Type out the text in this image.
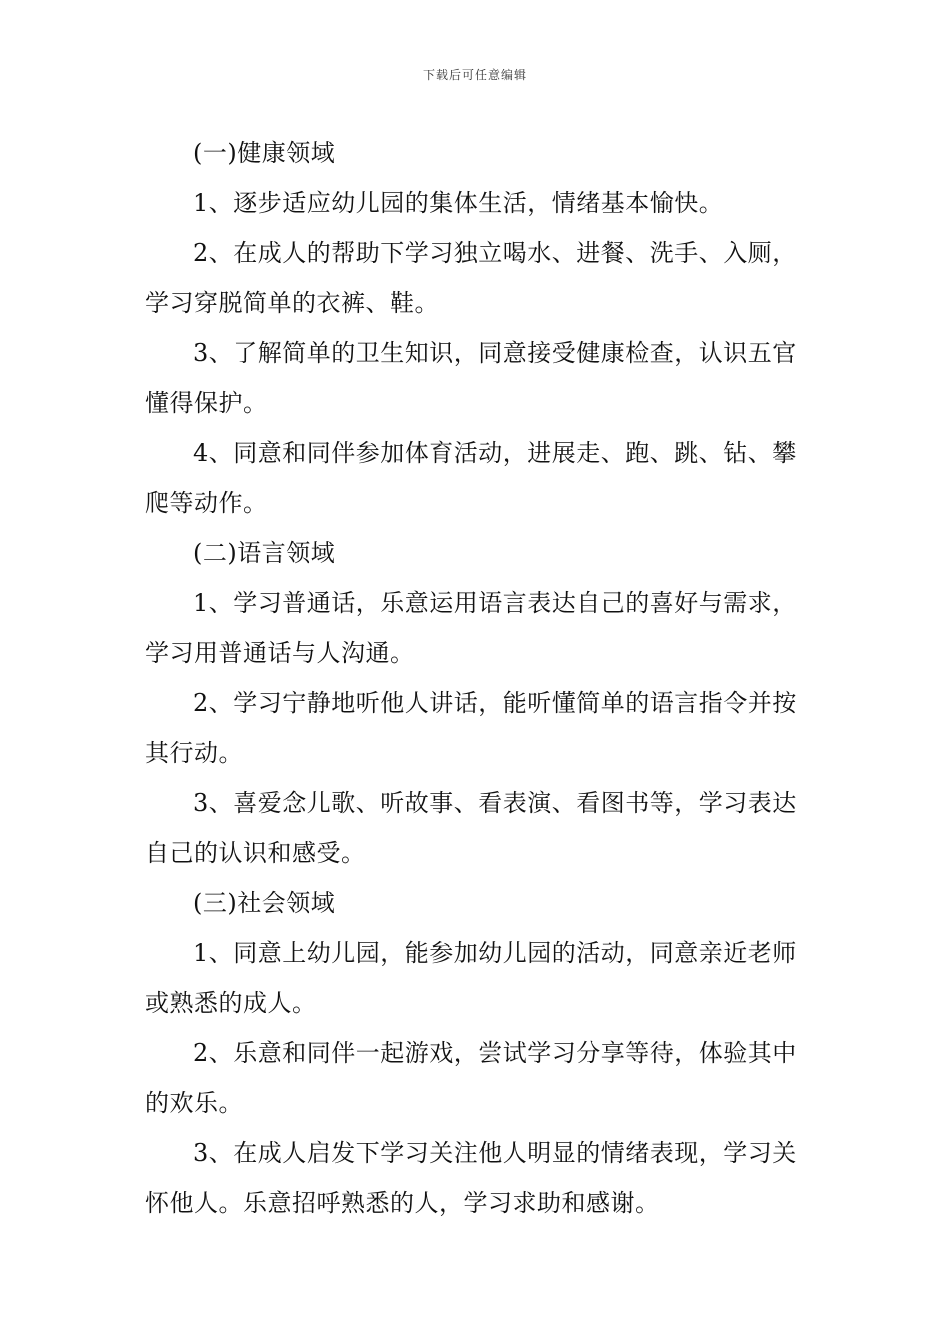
下载后可任意编辑

(一)健康领域

1、逐步适应幼儿园的集体生活，情绪基本愉快。

2、在成人的帮助下学习独立喝水、进餐、洗手、入厕，学习穿脱简单的衣裤、鞋。

3、了解简单的卫生知识，同意接受健康检查，认识五官懂得保护。

4、同意和同伴参加体育活动，进展走、跑、跳、钻、攀爬等动作。

(二)语言领域

1、学习普通话，乐意运用语言表达自己的喜好与需求，学习用普通话与人沟通。

2、学习宁静地听他人讲话，能听懂简单的语言指令并按其行动。

3、喜爱念儿歌、听故事、看表演、看图书等，学习表达自己的认识和感受。

(三)社会领域

1、同意上幼儿园，能参加幼儿园的活动，同意亲近老师或熟悉的成人。

2、乐意和同伴一起游戏，尝试学习分享等待，体验其中的欢乐。

3、在成人启发下学习关注他人明显的情绪表现，学习关怀他人。乐意招呼熟悉的人，学习求助和感谢。
